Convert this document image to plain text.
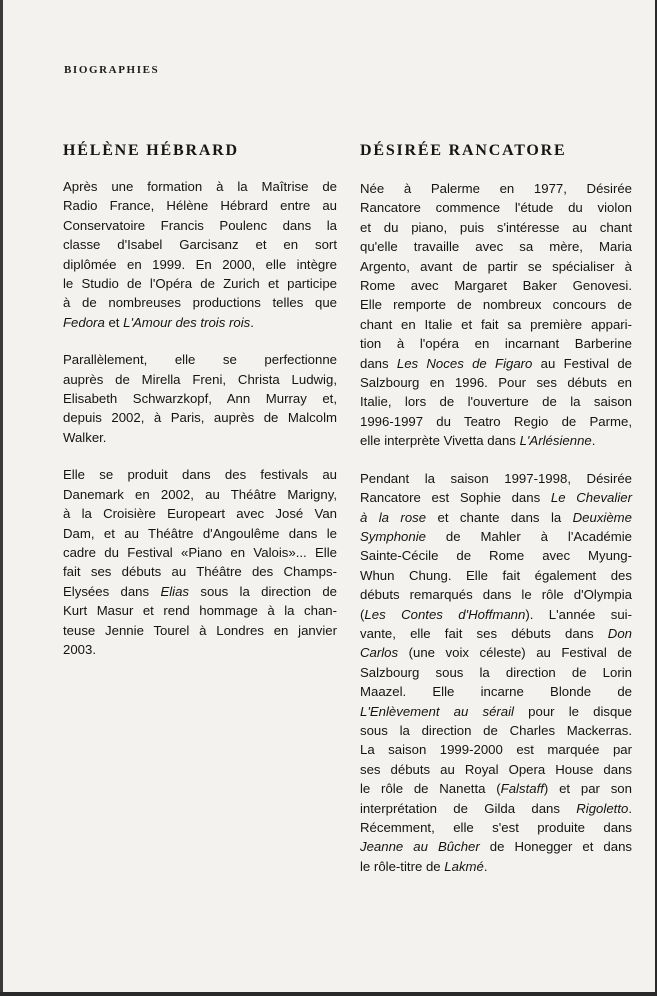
BIOGRAPHIES
HÉLÈNE HÉBRARD
Après une formation à la Maîtrise de
Radio France, Hélène Hébrard entre au
Conservatoire Francis Poulenc dans la
classe d'Isabel Garcisanz et en sort
diplômée en 1999. En 2000, elle intègre
le Studio de l'Opéra de Zurich et participe
à de nombreuses productions telles que
Fedora et L'Amour des trois rois.
Parallèlement, elle se perfectionne
auprès de Mirella Freni, Christa Ludwig,
Elisabeth Schwarzkopf, Ann Murray et,
depuis 2002, à Paris, auprès de Malcolm
Walker.
Elle se produit dans des festivals au
Danemark en 2002, au Théâtre Marigny,
à la Croisière Europeart avec José Van
Dam, et au Théâtre d'Angoulême dans le
cadre du Festival «Piano en Valois»... Elle
fait ses débuts au Théâtre des Champs-
Elysées dans Elias sous la direction de
Kurt Masur et rend hommage à la chan-
teuse Jennie Tourel à Londres en janvier
2003.
DÉSIRÉE RANCATORE
Née à Palerme en 1977, Désirée
Rancatore commence l'étude du violon
et du piano, puis s'intéresse au chant
qu'elle travaille avec sa mère, Maria
Argento, avant de partir se spécialiser à
Rome avec Margaret Baker Genovesi.
Elle remporte de nombreux concours de
chant en Italie et fait sa première appari-
tion à l'opéra en incarnant Barberine
dans Les Noces de Figaro au Festival de
Salzbourg en 1996. Pour ses débuts en
Italie, lors de l'ouverture de la saison
1996-1997 du Teatro Regio de Parme,
elle interprète Vivetta dans L'Arlésienne.
Pendant la saison 1997-1998, Désirée
Rancatore est Sophie dans Le Chevalier
à la rose et chante dans la Deuxième
Symphonie de Mahler à l'Académie
Sainte-Cécile de Rome avec Myung-
Whun Chung. Elle fait également des
débuts remarqués dans le rôle d'Olympia
(Les Contes d'Hoffmann). L'année sui-
vante, elle fait ses débuts dans Don
Carlos (une voix céleste) au Festival de
Salzbourg sous la direction de Lorin
Maazel. Elle incarne Blonde de
L'Enlèvement au sérail pour le disque
sous la direction de Charles Mackerras.
La saison 1999-2000 est marquée par
ses débuts au Royal Opera House dans
le rôle de Nanetta (Falstaff) et par son
interprétation de Gilda dans Rigoletto.
Récemment, elle s'est produite dans
Jeanne au Bûcher de Honegger et dans
le rôle-titre de Lakmé.
